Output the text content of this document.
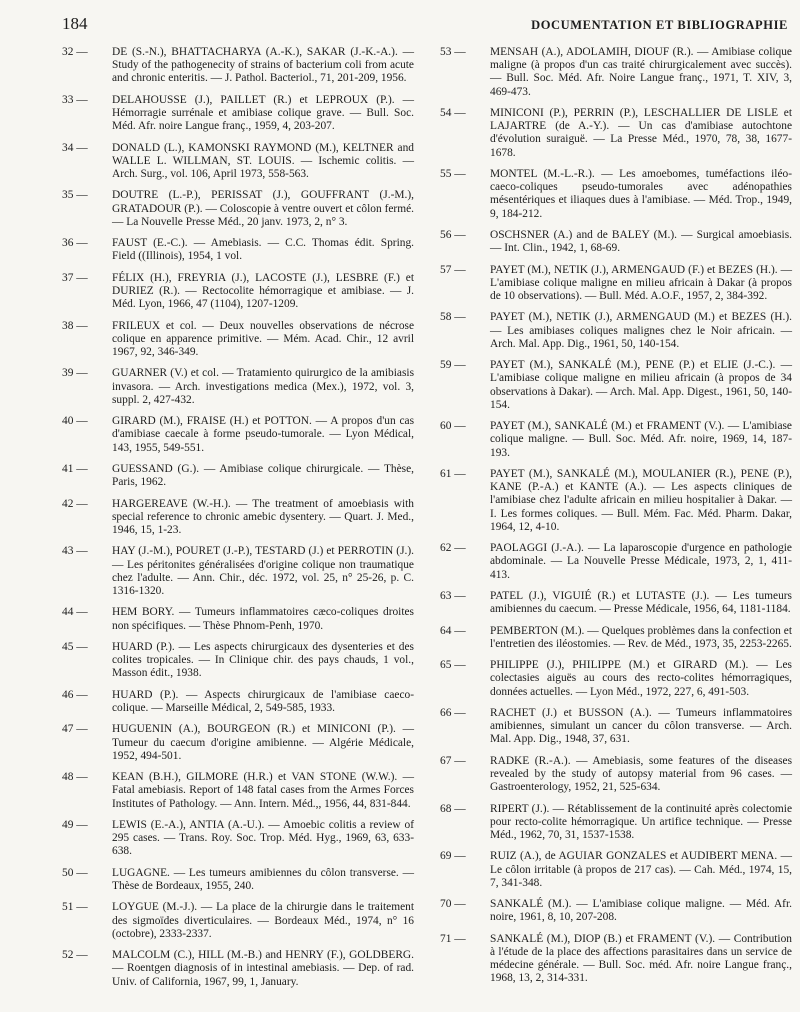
184	DOCUMENTATION ET BIBLIOGRAPHIE
32 —	DE (S.-N.), BHATTACHARYA (A.-K.), SAKAR (J.-K.-A.). — Study of the pathogenecity of strains of bacterium coli from acute and chronic enteritis. — J. Pathol. Bacteriol., 71, 201-209, 1956.
33 —	DELAHOUSSE (J.), PAILLET (R.) et LEPROUX (P.). — Hémorragie surrénale et amibiase colique grave. — Bull. Soc. Méd. Afr. noire Langue franç., 1959, 4, 203-207.
34 —	DONALD (L.), KAMONSKI RAYMOND (M.), KELTNER and WALLE L. WILLMAN, ST. LOUIS. — Ischemic colitis. — Arch. Surg., vol. 106, April 1973, 558-563.
35 —	DOUTRE (L.-P.), PERISSAT (J.), GOUFFRANT (J.-M.), GRATADOUR (P.). — Coloscopie à ventre ouvert et côlon fermé. — La Nouvelle Presse Méd., 20 janv. 1973, 2, n° 3.
36 —	FAUST (E.-C.). — Amebiasis. — C.C. Thomas édit. Spring. Field ((Illinois), 1954, 1 vol.
37 —	FÉLIX (H.), FREYRIA (J.), LACOSTE (J.), LESBRE (F.) et DURIEZ (R.). — Rectocolite hémorragique et amibiase. — J. Méd. Lyon, 1966, 47 (1104), 1207-1209.
38 —	FRILEUX et col. — Deux nouvelles observations de nécrose colique en apparence primitive. — Mém. Acad. Chir., 12 avril 1967, 92, 346-349.
39 —	GUARNER (V.) et col. — Tratamiento quirurgico de la amibiasis invasora. — Arch. investigations medica (Mex.), 1972, vol. 3, suppl. 2, 427-432.
40 —	GIRARD (M.), FRAISE (H.) et POTTON. — A propos d'un cas d'amibiase caecale à forme pseudo-tumorale. — Lyon Médical, 143, 1955, 549-551.
41 —	GUESSAND (G.). — Amibiase colique chirurgicale. — Thèse, Paris, 1962.
42 —	HARGEREAVE (W.-H.). — The treatment of amoebiasis with special reference to chronic amebic dysentery. — Quart. J. Med., 1946, 15, 1-23.
43 —	HAY (J.-M.), POURET (J.-P.), TESTARD (J.) et PERROTIN (J.). — Les péritonites généralisées d'origine colique non traumatique chez l'adulte. — Ann. Chir., déc. 1972, vol. 25, n° 25-26, p. C. 1316-1320.
44 —	HEM BORY. — Tumeurs inflammatoires cæco-coliques droites non spécifiques. — Thèse Phnom-Penh, 1970.
45 —	HUARD (P.). — Les aspects chirurgicaux des dysenteries et des colites tropicales. — In Clinique chir. des pays chauds, 1 vol., Masson édit., 1938.
46 —	HUARD (P.). — Aspects chirurgicaux de l'amibiase caeco-colique. — Marseille Médical, 2, 549-585, 1933.
47 —	HUGUENIN (A.), BOURGEON (R.) et MINICONI (P.). — Tumeur du caecum d'origine amibienne. — Algérie Médicale, 1952, 494-501.
48 —	KEAN (B.H.), GILMORE (H.R.) et VAN STONE (W.W.). — Fatal amebiasis. Report of 148 fatal cases from the Armes Forces Institutes of Pathology. — Ann. Intern. Méd.,, 1956, 44, 831-844.
49 —	LEWIS (E.-A.), ANTIA (A.-U.). — Amoebic colitis a review of 295 cases. — Trans. Roy. Soc. Trop. Méd. Hyg., 1969, 63, 633-638.
50 —	LUGAGNE. — Les tumeurs amibiennes du côlon transverse. — Thèse de Bordeaux, 1955, 240.
51 —	LOYGUE (M.-J.). — La place de la chirurgie dans le traitement des sigmoïdes diverticulaires. — Bordeaux Méd., 1974, n° 16 (octobre), 2333-2337.
52 —	MALCOLM (C.), HILL (M.-B.) and HENRY (F.), GOLDBERG. — Roentgen diagnosis of in intestinal amebiasis. — Dep. of rad. Univ. of California, 1967, 99, 1, January.
53 —	MENSAH (A.), ADOLAMIH, DIOUF (R.). — Amibiase colique maligne (à propos d'un cas traité chirurgicalement avec succès). — Bull. Soc. Méd. Afr. Noire Langue franç., 1971, T. XIV, 3, 469-473.
54 —	MINICONI (P.), PERRIN (P.), LESCHALLIER DE LISLE et LAJARTRE (de A.-Y.). — Un cas d'amibiase autochtone d'évolution suraiguë. — La Presse Méd., 1970, 78, 38, 1677-1678.
55 —	MONTEL (M.-L.-R.). — Les amoebomes, tuméfactions iléo-caeco-coliques pseudo-tumorales avec adénopathies mésentériques et iliaques dues à l'amibiase. — Méd. Trop., 1949, 9, 184-212.
56 —	OSCHSNER (A.) and de BALEY (M.). — Surgical amoebiasis. — Int. Clin., 1942, 1, 68-69.
57 —	PAYET (M.), NETIK (J.), ARMENGAUD (F.) et BEZES (H.). — L'amibiase colique maligne en milieu africain à Dakar (à propos de 10 observations). — Bull. Méd. A.O.F., 1957, 2, 384-392.
58 —	PAYET (M.), NETIK (J.), ARMENGAUD (M.) et BEZES (H.). — Les amibiases coliques malignes chez le Noir africain. — Arch. Mal. App. Dig., 1961, 50, 140-154.
59 —	PAYET (M.), SANKALÉ (M.), PENE (P.) et ELIE (J.-C.). — L'amibiase colique maligne en milieu africain (à propos de 34 observations à Dakar). — Arch. Mal. App. Digest., 1961, 50, 140-154.
60 —	PAYET (M.), SANKALÉ (M.) et FRAMENT (V.). — L'amibiase colique maligne. — Bull. Soc. Méd. Afr. noire, 1969, 14, 187-193.
61 —	PAYET (M.), SANKALÉ (M.), MOULANIER (R.), PENE (P.), KANE (P.-A.) et KANTE (A.). — Les aspects cliniques de l'amibiase chez l'adulte africain en milieu hospitalier à Dakar. — I. Les formes coliques. — Bull. Mém. Fac. Méd. Pharm. Dakar, 1964, 12, 4-10.
62 —	PAOLAGGI (J.-A.). — La laparoscopie d'urgence en pathologie abdominale. — La Nouvelle Presse Médicale, 1973, 2, 1, 411-413.
63 —	PATEL (J.), VIGUIÉ (R.) et LUTASTE (J.). — Les tumeurs amibiennes du caecum. — Presse Médicale, 1956, 64, 1181-1184.
64 —	PEMBERTON (M.). — Quelques problèmes dans la confection et l'entretien des iléostomies. — Rev. de Méd., 1973, 35, 2253-2265.
65 —	PHILIPPE (J.), PHILIPPE (M.) et GIRARD (M.). — Les colectasies aiguës au cours des recto-colites hémorragiques, données actuelles. — Lyon Méd., 1972, 227, 6, 491-503.
66 —	RACHET (J.) et BUSSON (A.). — Tumeurs inflammatoires amibiennes, simulant un cancer du côlon transverse. — Arch. Mal. App. Dig., 1948, 37, 631.
67 —	RADKE (R.-A.). — Amebiasis, some features of the diseases revealed by the study of autopsy material from 96 cases. — Gastroenterology, 1952, 21, 525-634.
68 —	RIPERT (J.). — Rétablissement de la continuité après colectomie pour recto-colite hémorragique. Un artifice technique. — Presse Méd., 1962, 70, 31, 1537-1538.
69 —	RUIZ (A.), de AGUIAR GONZALES et AUDIBERT MENA. — Le côlon irritable (à propos de 217 cas). — Cah. Méd., 1974, 15, 7, 341-348.
70 —	SANKALÉ (M.). — L'amibiase colique maligne. — Méd. Afr. noire, 1961, 8, 10, 207-208.
71 —	SANKALÉ (M.), DIOP (B.) et FRAMENT (V.). — Contribution à l'étude de la place des affections parasitaires dans un service de médecine générale. — Bull. Soc. méd. Afr. noire Langue franç., 1968, 13, 2, 314-331.
